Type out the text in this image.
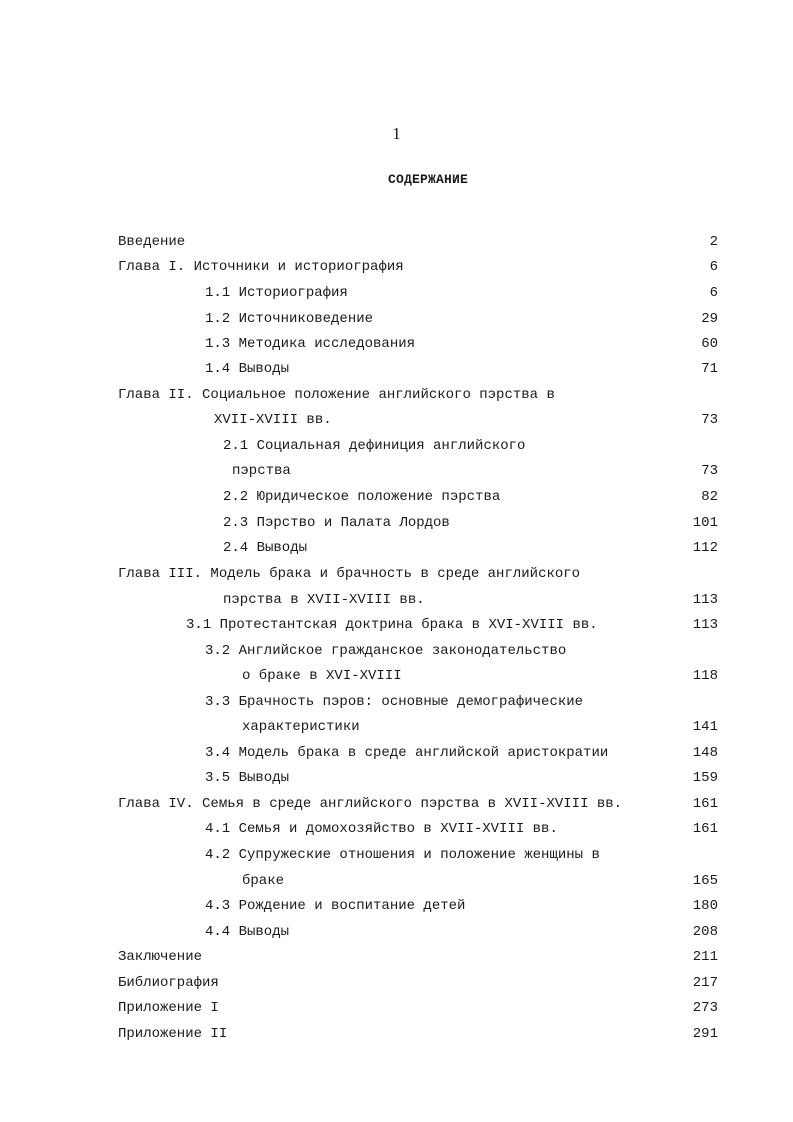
1
СОДЕРЖАНИЕ
Введение	2
Глава I. Источники и историография	6
1.1 Историография	6
1.2 Источниковедение	29
1.3 Методика исследования	60
1.4 Выводы	71
Глава II. Социальное положение английского пэрства в
XVII-XVIII вв.	73
2.1 Социальная дефиниция английского
пэрства	73
2.2 Юридическое положение пэрства	82
2.3 Пэрство и Палата Лордов	101
2.4 Выводы	112
Глава III. Модель брака и брачность в среде английского
пэрства в XVII-XVIII вв.	113
3.1 Протестантская доктрина брака в XVI-XVIII вв.	113
3.2 Английское гражданское законодательство
о браке в XVI-XVIII	118
3.3 Брачность пэров: основные демографические
характеристики	141
3.4 Модель брака в среде английской аристократии	148
3.5 Выводы	159
Глава IV. Семья в среде английского пэрства в XVII-XVIII вв.	161
4.1 Семья и домохозяйство в XVII-XVIII вв.	161
4.2 Супружеские отношения и положение женщины в
браке	165
4.3 Рождение и воспитание детей	180
4.4 Выводы	208
Заключение	211
Библиография	217
Приложение I	273
Приложение II	291
